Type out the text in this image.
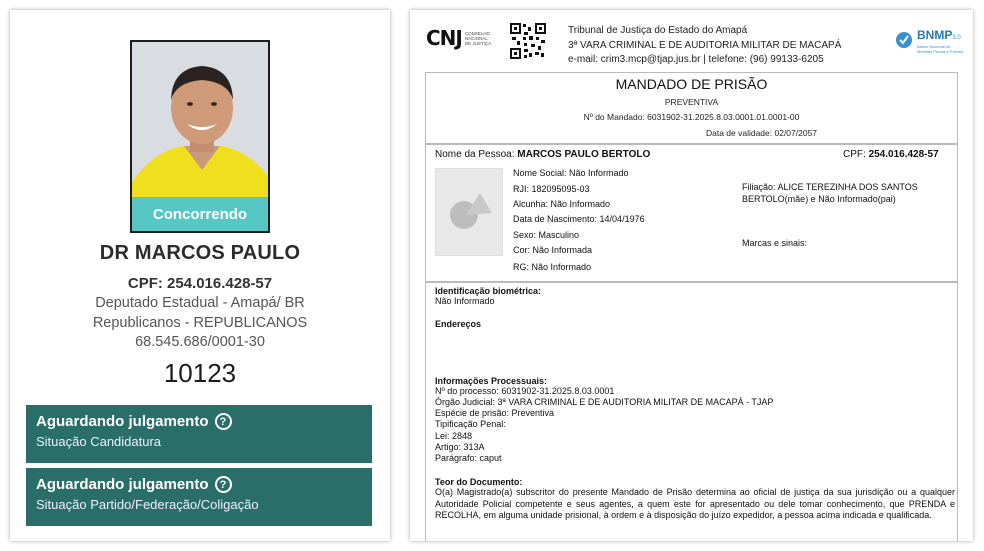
Concorrendo
DR MARCOS PAULO
CPF: 254.016.428-57
Deputado Estadual - Amapá/ BR
Republicanos - REPUBLICANOS
68.545.686/0001-30
10123
Aguardando julgamento	?
Situação Candidatura
Aguardando julgamento	?
Situação Partido/Federação/Coligação
CNJ CONSELHO NACIONAL DE JUSTIÇA
Tribunal de Justiça do Estado do Amapá
3ª VARA CRIMINAL E DE AUDITORIA MILITAR DE MACAPÁ
e-mail: crim3.mcp@tjap.jus.br | telefone: (96) 99133-6205
BNMP3.0
Banco Nacional de Medidas Penais e Prisões
MANDADO DE PRISÃO
PREVENTIVA
Nº do Mandado: 6031902-31.2025.8.03.0001.01.0001-00
Data de validade: 02/07/2057
Nome da Pessoa: MARCOS PAULO BERTOLO	CPF: 254.016.428-57
Nome Social: Não Informado
RJI: 182095095-03
Alcunha: Não Informado
Data de Nascimento: 14/04/1976
Sexo: Masculino
Cor: Não Informada
RG: Não Informado
Filiação: ALICE TEREZINHA DOS SANTOS
BERTOLO(mãe) e Não Informado(pai)
Marcas e sinais:
Identificação biométrica:
Não Informado
Endereços
Informações Processuais:
Nº do processo: 6031902-31.2025.8.03.0001
Órgão Judicial: 3ª VARA CRIMINAL E DE AUDITORIA MILITAR DE MACAPÁ - TJAP
Espécie de prisão: Preventiva
Tipificação Penal:
Lei: 2848
Artigo: 313A
Parágrafo: caput
Teor do Documento:
O(a) Magistrado(a) subscritor do presente Mandado de Prisão determina ao oficial de justiça da sua jurisdição ou a qualquer Autoridade Policial competente e seus agentes, a quem este for apresentado ou dele tomar conhecimento, que PRENDA e RECOLHA, em alguma unidade prisional, à ordem e à disposição do juízo expedidor, a pessoa acima indicada e qualificada.
